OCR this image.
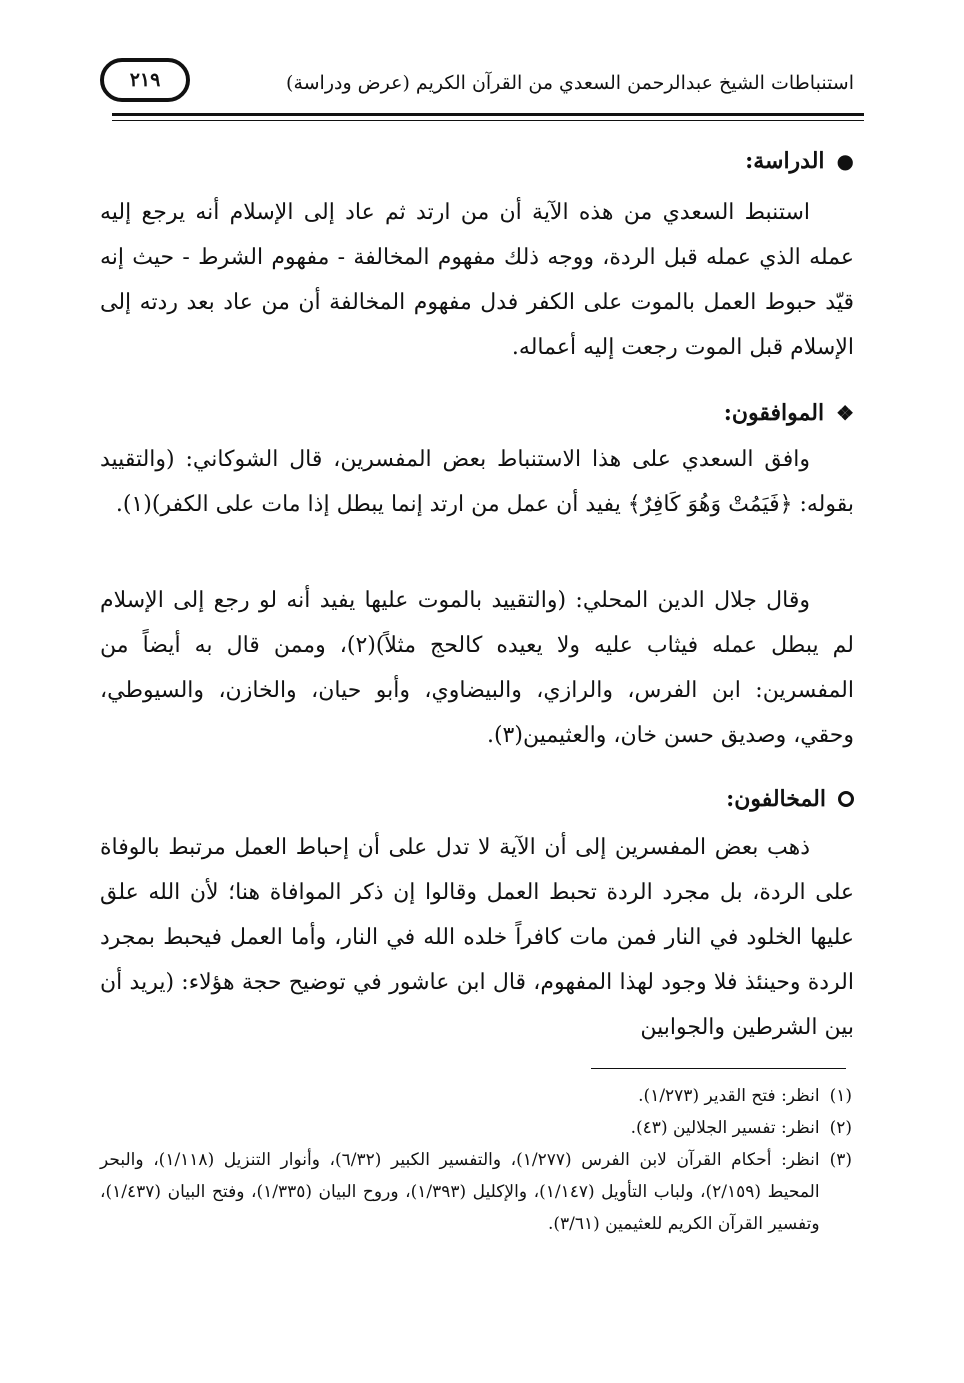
استنباطات الشيخ عبدالرحمن السعدي من القرآن الكريم (عرض ودراسة)
٢١٩
●
الدراسة:

استنبط السعدي من هذه الآية أن من ارتد ثم عاد إلى الإسلام أنه يرجع إليه عمله الذي عمله قبل الردة، ووجه ذلك مفهوم المخالفة - مفهوم الشرط - حيث إنه قيّد حبوط العمل بالموت على الكفر فدل مفهوم المخالفة أن من عاد بعد ردته إلى الإسلام قبل الموت رجعت إليه أعماله.

❖
الموافقون:

وافق السعدي على هذا الاستنباط بعض المفسرين، قال الشوكاني: (والتقييد بقوله: ﴿فَيَمُتْ وَهُوَ كَافِرٌ﴾ يفيد أن عمل من ارتد إنما يبطل إذا مات على الكفر)(١).

وقال جلال الدين المحلي: (والتقييد بالموت عليها يفيد أنه لو رجع إلى الإسلام لم يبطل عمله فيثاب عليه ولا يعيده كالحج مثلاً)(٢)، وممن قال به أيضاً من المفسرين: ابن الفرس، والرازي، والبيضاوي، وأبو حيان، والخازن، والسيوطي، وحقي، وصديق حسن خان، والعثيمين(٣).

المخالفون:

ذهب بعض المفسرين إلى أن الآية لا تدل على أن إحباط العمل مرتبط بالوفاة على الردة، بل مجرد الردة تحبط العمل وقالوا إن ذكر الموافاة هنا؛ لأن الله علق عليها الخلود في النار فمن مات كافراً خلده الله في النار، وأما العمل فيحبط بمجرد الردة وحينئذ فلا وجود لهذا المفهوم، قال ابن عاشور في توضيح حجة هؤلاء: (يريد أن بين الشرطين والجوابين

(١)
انظر: فتح القدير (١/٢٧٣).
(٢)
انظر: تفسير الجلالين (٤٣).
(٣)
انظر: أحكام القرآن لابن الفرس (١/٢٧٧)، والتفسير الكبير (٦/٣٢)، وأنوار التنزيل (١/١١٨)، والبحر المحيط (٢/١٥٩)، ولباب التأويل (١/١٤٧)، والإكليل (١/٣٩٣)، وروح البيان (١/٣٣٥)، وفتح البيان (١/٤٣٧)، وتفسير القرآن الكريم للعثيمين (٣/٦١).
